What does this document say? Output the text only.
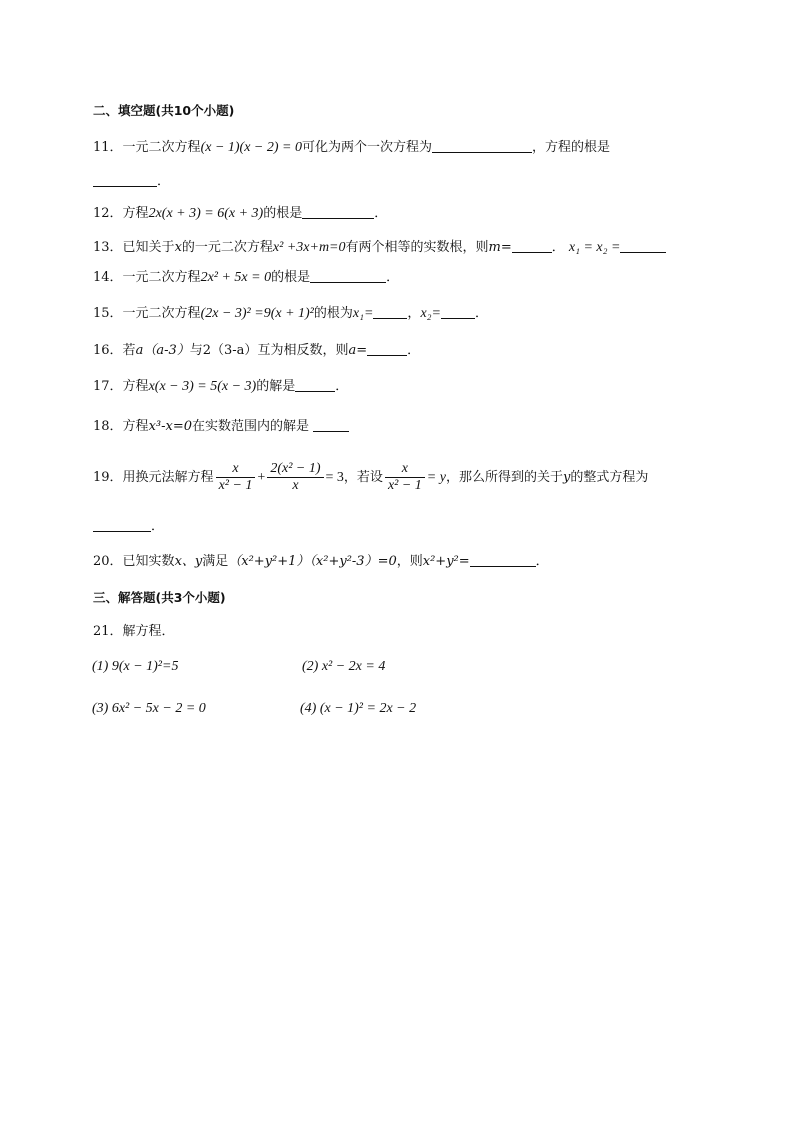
二、填空题(共10个小题)
11．一元二次方程(x − 1)(x − 2) = 0可化为两个一次方程为	，方程的根是
．
12．方程2x(x + 3) = 6(x + 3)的根是	．
13．已知关于x的一元二次方程x² +3x+m=0有两个相等的实数根，则m=	． x₁ = x₂ =
14．一元二次方程2x² + 5x = 0的根是	．
15．一元二次方程(2x − 3)² =9(x + 1)²的根为x₁=	，x₂=	．
16．若a（a-3）与2（3-a）互为相反数，则a=	．
17．方程x(x − 3) = 5(x − 3)的解是	．
18．方程x³-x=0在实数范围内的解是
19．用换元法解方程 $\frac{x}{\text{x² − 1}} + \frac{\text{2(x² − 1)}}{x} = 3$，若设 $\frac{x}{\text{x² − 1}} = y$，那么所得到的关于y的整式方程为
．
20．已知实数x、y满足（x²+y²+1）（x²+y²-3）=0，则x²+y²=	．
三、解答题(共3个小题)
21．解方程．
(1) 9(x − 1)²=5	(2) x² − 2x = 4
(3) 6x² − 5x − 2 = 0	(4) (x − 1)² = 2x − 2
